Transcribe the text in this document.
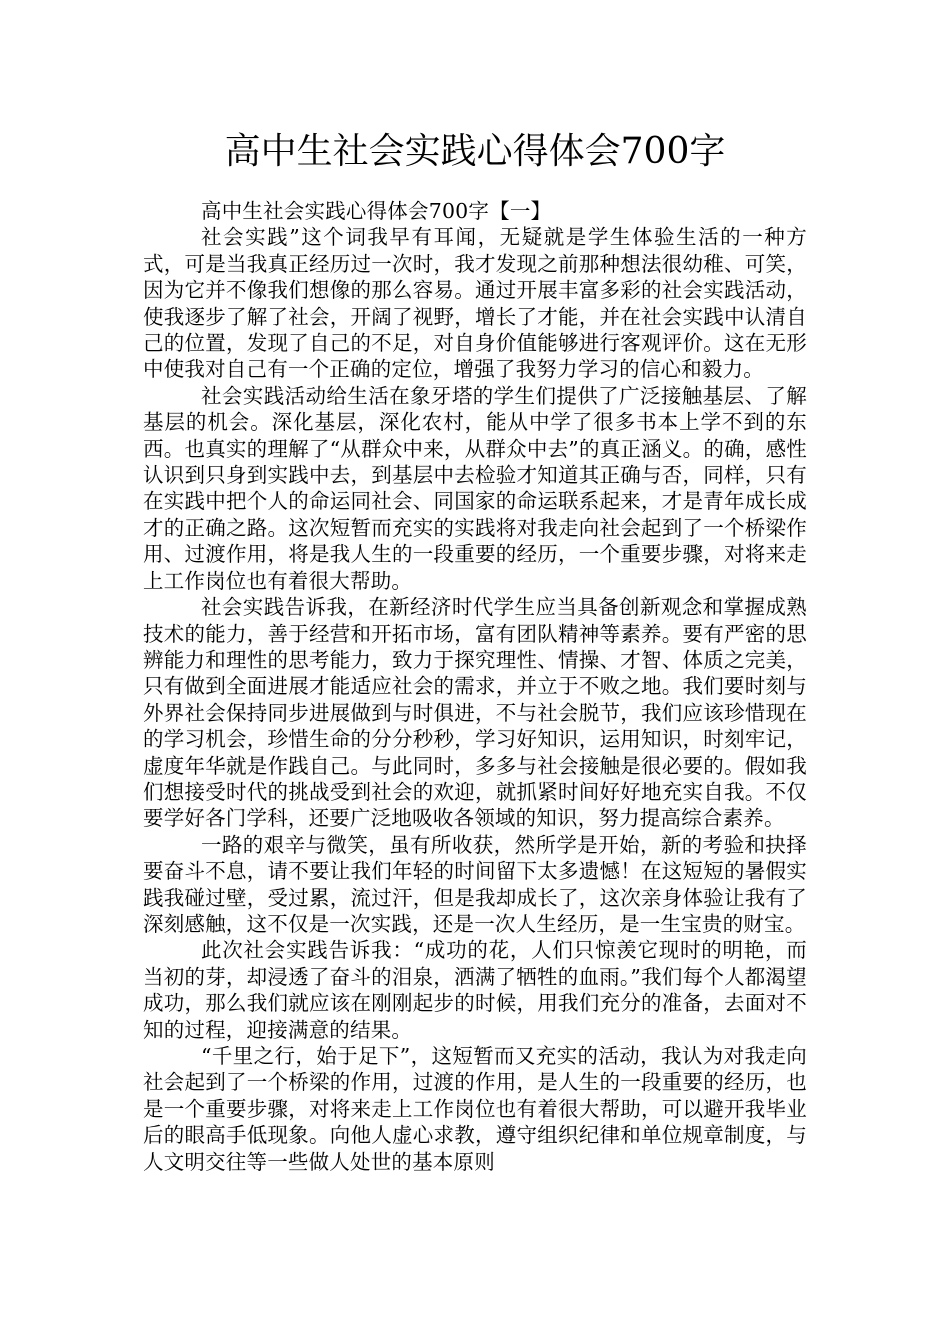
高中生社会实践心得体会700字

高中生社会实践心得体会700字【一】

社会实践”这个词我早有耳闻，无疑就是学生体验生活的一种方式，可是当我真正经历过一次时，我才发现之前那种想法很幼稚、可笑，因为它并不像我们想像的那么容易。通过开展丰富多彩的社会实践活动，使我逐步了解了社会，开阔了视野，增长了才能，并在社会实践中认清自己的位置，发现了自己的不足，对自身价值能够进行客观评价。这在无形中使我对自己有一个正确的定位，增强了我努力学习的信心和毅力。

社会实践活动给生活在象牙塔的学生们提供了广泛接触基层、了解基层的机会。深化基层，深化农村，能从中学了很多书本上学不到的东西。也真实的理解了“从群众中来，从群众中去”的真正涵义。的确，感性认识到只身到实践中去，到基层中去检验才知道其正确与否，同样，只有在实践中把个人的命运同社会、同国家的命运联系起来，才是青年成长成才的正确之路。这次短暂而充实的实践将对我走向社会起到了一个桥梁作用、过渡作用，将是我人生的一段重要的经历，一个重要步骤，对将来走上工作岗位也有着很大帮助。

社会实践告诉我，在新经济时代学生应当具备创新观念和掌握成熟技术的能力，善于经营和开拓市场，富有团队精神等素养。要有严密的思辨能力和理性的思考能力，致力于探究理性、情操、才智、体质之完美，只有做到全面进展才能适应社会的需求，并立于不败之地。我们要时刻与外界社会保持同步进展做到与时俱进，不与社会脱节，我们应该珍惜现在的学习机会，珍惜生命的分分秒秒，学习好知识，运用知识，时刻牢记，虚度年华就是作践自己。与此同时，多多与社会接触是很必要的。假如我们想接受时代的挑战受到社会的欢迎，就抓紧时间好好地充实自我。不仅要学好各门学科，还要广泛地吸收各领域的知识，努力提高综合素养。

一路的艰辛与微笑，虽有所收获，然所学是开始，新的考验和抉择要奋斗不息，请不要让我们年轻的时间留下太多遗憾！在这短短的暑假实践我碰过壁，受过累，流过汗，但是我却成长了，这次亲身体验让我有了深刻感触，这不仅是一次实践，还是一次人生经历，是一生宝贵的财宝。

此次社会实践告诉我：“成功的花，人们只惊羡它现时的明艳，而当初的芽，却浸透了奋斗的泪泉，洒满了牺牲的血雨。”我们每个人都渴望成功，那么我们就应该在刚刚起步的时候，用我们充分的准备，去面对不知的过程，迎接满意的结果。

“千里之行，始于足下”，这短暂而又充实的活动，我认为对我走向社会起到了一个桥梁的作用，过渡的作用，是人生的一段重要的经历，也是一个重要步骤，对将来走上工作岗位也有着很大帮助，可以避开我毕业后的眼高手低现象。向他人虚心求教，遵守组织纪律和单位规章制度，与人文明交往等一些做人处世的基本原则
